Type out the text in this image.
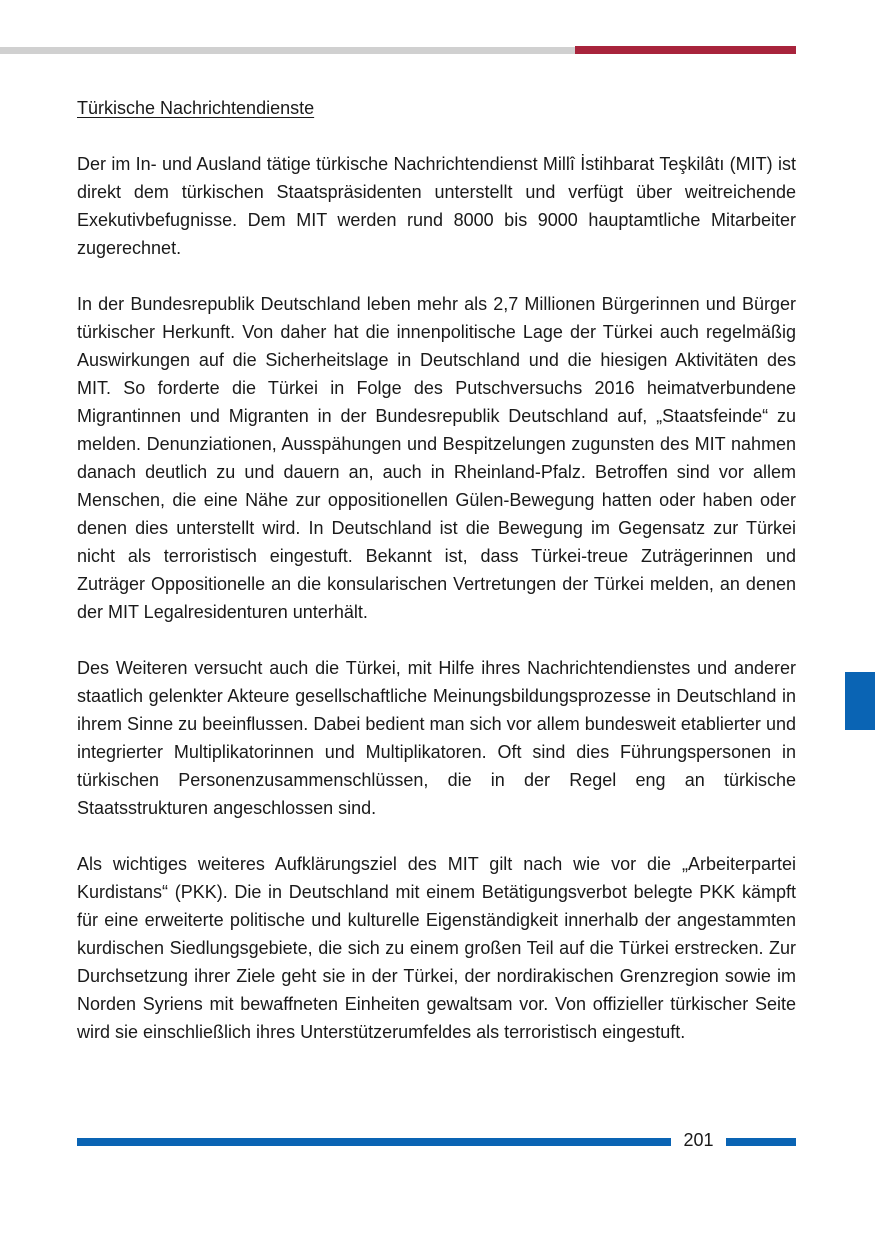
Türkische Nachrichtendienste

Der im In- und Ausland tätige türkische Nachrichtendienst Millî İstihbarat Teşkilâtı (MIT) ist direkt dem türkischen Staatspräsidenten unterstellt und verfügt über weitreichende Exekutivbefugnisse. Dem MIT werden rund 8000 bis 9000 hauptamtliche Mitarbeiter zugerechnet.

In der Bundesrepublik Deutschland leben mehr als 2,7 Millionen Bürgerinnen und Bürger türkischer Herkunft. Von daher hat die innenpolitische Lage der Türkei auch regelmäßig Auswirkungen auf die Sicherheitslage in Deutschland und die hiesigen Aktivitäten des MIT. So forderte die Türkei in Folge des Putschversuchs 2016 heimatverbundene Migrantinnen und Migranten in der Bundesrepublik Deutschland auf, „Staatsfeinde“ zu melden. Denunziationen, Ausspähungen und Bespitzelungen zugunsten des MIT nahmen danach deutlich zu und dauern an, auch in Rheinland-Pfalz. Betroffen sind vor allem Menschen, die eine Nähe zur oppositionellen Gülen-Bewegung hatten oder haben oder denen dies unterstellt wird. In Deutschland ist die Bewegung im Gegensatz zur Türkei nicht als terroristisch eingestuft. Bekannt ist, dass Türkei-treue Zuträgerinnen und Zuträger Oppositionelle an die konsularischen Vertretungen der Türkei melden, an denen der MIT Legalresidenturen unterhält.

Des Weiteren versucht auch die Türkei, mit Hilfe ihres Nachrichtendienstes und anderer staatlich gelenkter Akteure gesellschaftliche Meinungsbildungsprozesse in Deutschland in ihrem Sinne zu beeinflussen. Dabei bedient man sich vor allem bundesweit etablierter und integrierter Multiplikatorinnen und Multiplikatoren. Oft sind dies Führungspersonen in türkischen Personenzusammenschlüssen, die in der Regel eng an türkische Staatsstrukturen angeschlossen sind.

Als wichtiges weiteres Aufklärungsziel des MIT gilt nach wie vor die „Arbeiterpartei Kurdistans“ (PKK). Die in Deutschland mit einem Betätigungsverbot belegte PKK kämpft für eine erweiterte politische und kulturelle Eigenständigkeit innerhalb der angestammten kurdischen Siedlungsgebiete, die sich zu einem großen Teil auf die Türkei erstrecken. Zur Durchsetzung ihrer Ziele geht sie in der Türkei, der nordirakischen Grenzregion sowie im Norden Syriens mit bewaffneten Einheiten gewaltsam vor. Von offizieller türkischer Seite wird sie einschließlich ihres Unterstützerumfeldes als terroristisch eingestuft.

201
